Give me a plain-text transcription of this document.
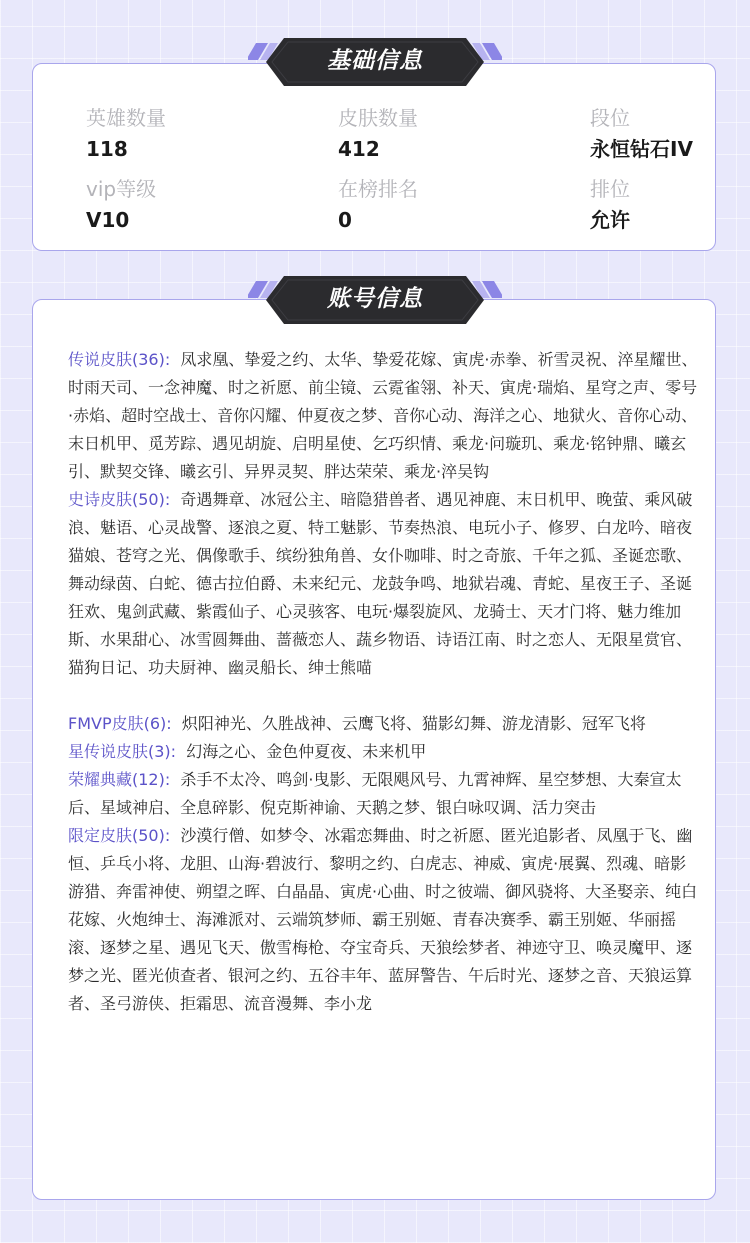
英雄数量
118
皮肤数量
412
段位
永恒钻石IV
vip等级
V10
在榜排名
0
排位
允许

传说皮肤(36): 凤求凰、挚爱之约、太华、挚爱花嫁、寅虎·赤拳、祈雪灵祝、淬星耀世、时雨天司、一念神魔、时之祈愿、前尘镜、云霓雀翎、补天、寅虎·瑞焰、星穹之声、零号·赤焰、超时空战士、音你闪耀、仲夏夜之梦、音你心动、海洋之心、地狱火、音你心动、末日机甲、觅芳踪、遇见胡旋、启明星使、乞巧织情、乘龙·问璇玑、乘龙·铭钟鼎、曦玄引、默契交锋、曦玄引、异界灵契、胖达荣荣、乘龙·淬吴钩

史诗皮肤(50): 奇遇舞章、冰冠公主、暗隐猎兽者、遇见神鹿、末日机甲、晚萤、乘风破浪、魅语、心灵战警、逐浪之夏、特工魅影、节奏热浪、电玩小子、修罗、白龙吟、暗夜猫娘、苍穹之光、偶像歌手、缤纷独角兽、女仆咖啡、时之奇旅、千年之狐、圣诞恋歌、舞动绿茵、白蛇、德古拉伯爵、未来纪元、龙鼓争鸣、地狱岩魂、青蛇、星夜王子、圣诞狂欢、鬼剑武藏、紫霞仙子、心灵骇客、电玩·爆裂旋风、龙骑士、天才门将、魅力维加斯、水果甜心、冰雪圆舞曲、蔷薇恋人、蔬乡物语、诗语江南、时之恋人、无限星赏官、猫狗日记、功夫厨神、幽灵船长、绅士熊喵

FMVP皮肤(6): 炽阳神光、久胜战神、云鹰飞将、猫影幻舞、游龙清影、冠军飞将

星传说皮肤(3): 幻海之心、金色仲夏夜、未来机甲

荣耀典藏(12): 杀手不太冷、鸣剑·曳影、无限飓风号、九霄神辉、星空梦想、大秦宣太后、星域神启、全息碎影、倪克斯神谕、天鹅之梦、银白咏叹调、活力突击

限定皮肤(50): 沙漠行僧、如梦令、冰霜恋舞曲、时之祈愿、匿光追影者、凤凰于飞、幽恒、乒乓小将、龙胆、山海·碧波行、黎明之约、白虎志、神威、寅虎·展翼、烈魂、暗影游猎、奔雷神使、朔望之晖、白晶晶、寅虎·心曲、时之彼端、御风骁将、大圣娶亲、纯白花嫁、火炮绅士、海滩派对、云端筑梦师、霸王别姬、青春决赛季、霸王别姬、华丽摇滚、逐梦之星、遇见飞天、傲雪梅枪、夺宝奇兵、天狼绘梦者、神迹守卫、唤灵魔甲、逐梦之光、匿光侦查者、银河之约、五谷丰年、蓝屏警告、午后时光、逐梦之音、天狼运算者、圣弓游侠、拒霜思、流音漫舞、李小龙

基础信息
账号信息
